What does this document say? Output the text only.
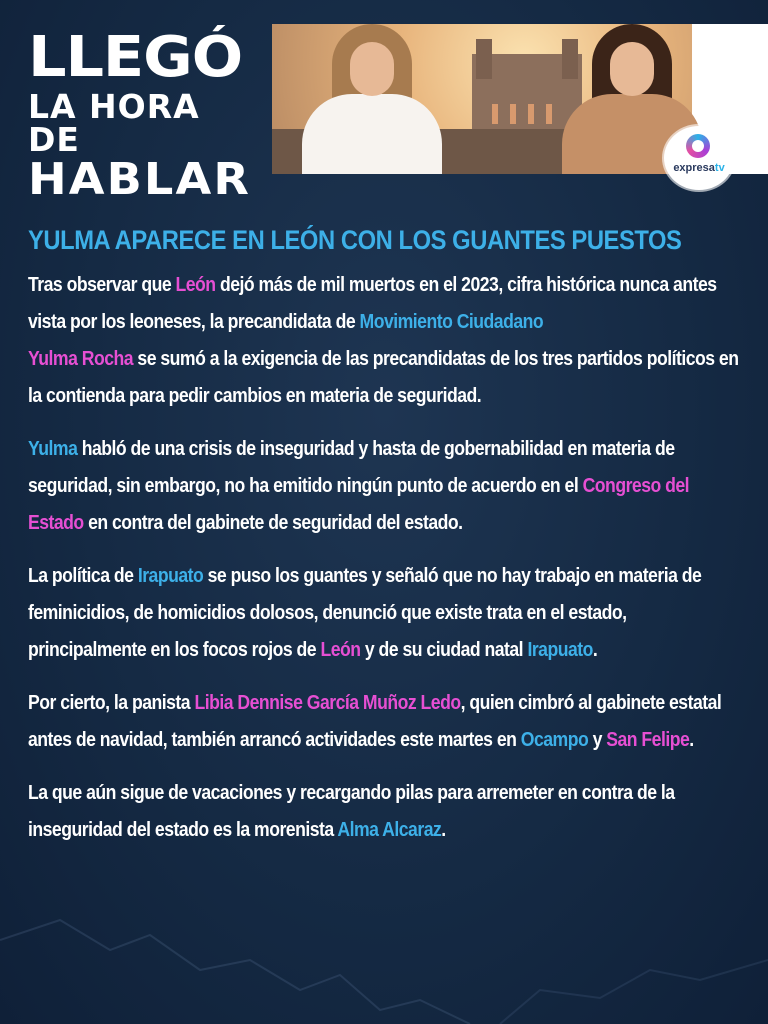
LLEGÓ
LA HORA DE
HABLAR	expresatv
YULMA APARECE EN LEÓN CON LOS GUANTES PUESTOS

Tras observar que León dejó más de mil muertos en el 2023, cifra histórica nunca antes vista por los leoneses, la precandidata de Movimiento Ciudadano
Yulma Rocha se sumó a la exigencia de las precandidatas de los tres partidos políticos en la contienda para pedir cambios en materia de seguridad.

Yulma habló de una crisis de inseguridad y hasta de gobernabilidad en materia de seguridad, sin embargo, no ha emitido ningún punto de acuerdo en el Congreso del Estado en contra del gabinete de seguridad del estado.

La política de Irapuato se puso los guantes y señaló que no hay trabajo en materia de feminicidios, de homicidios dolosos, denunció que existe trata en el estado, principalmente en los focos rojos de León y de su ciudad natal Irapuato.

Por cierto, la panista Libia Dennise García Muñoz Ledo, quien cimbró al gabinete estatal antes de navidad, también arrancó actividades este martes en Ocampo y San Felipe.

La que aún sigue de vacaciones y recargando pilas para arremeter en contra de la inseguridad del estado es la morenista Alma Alcaraz.
